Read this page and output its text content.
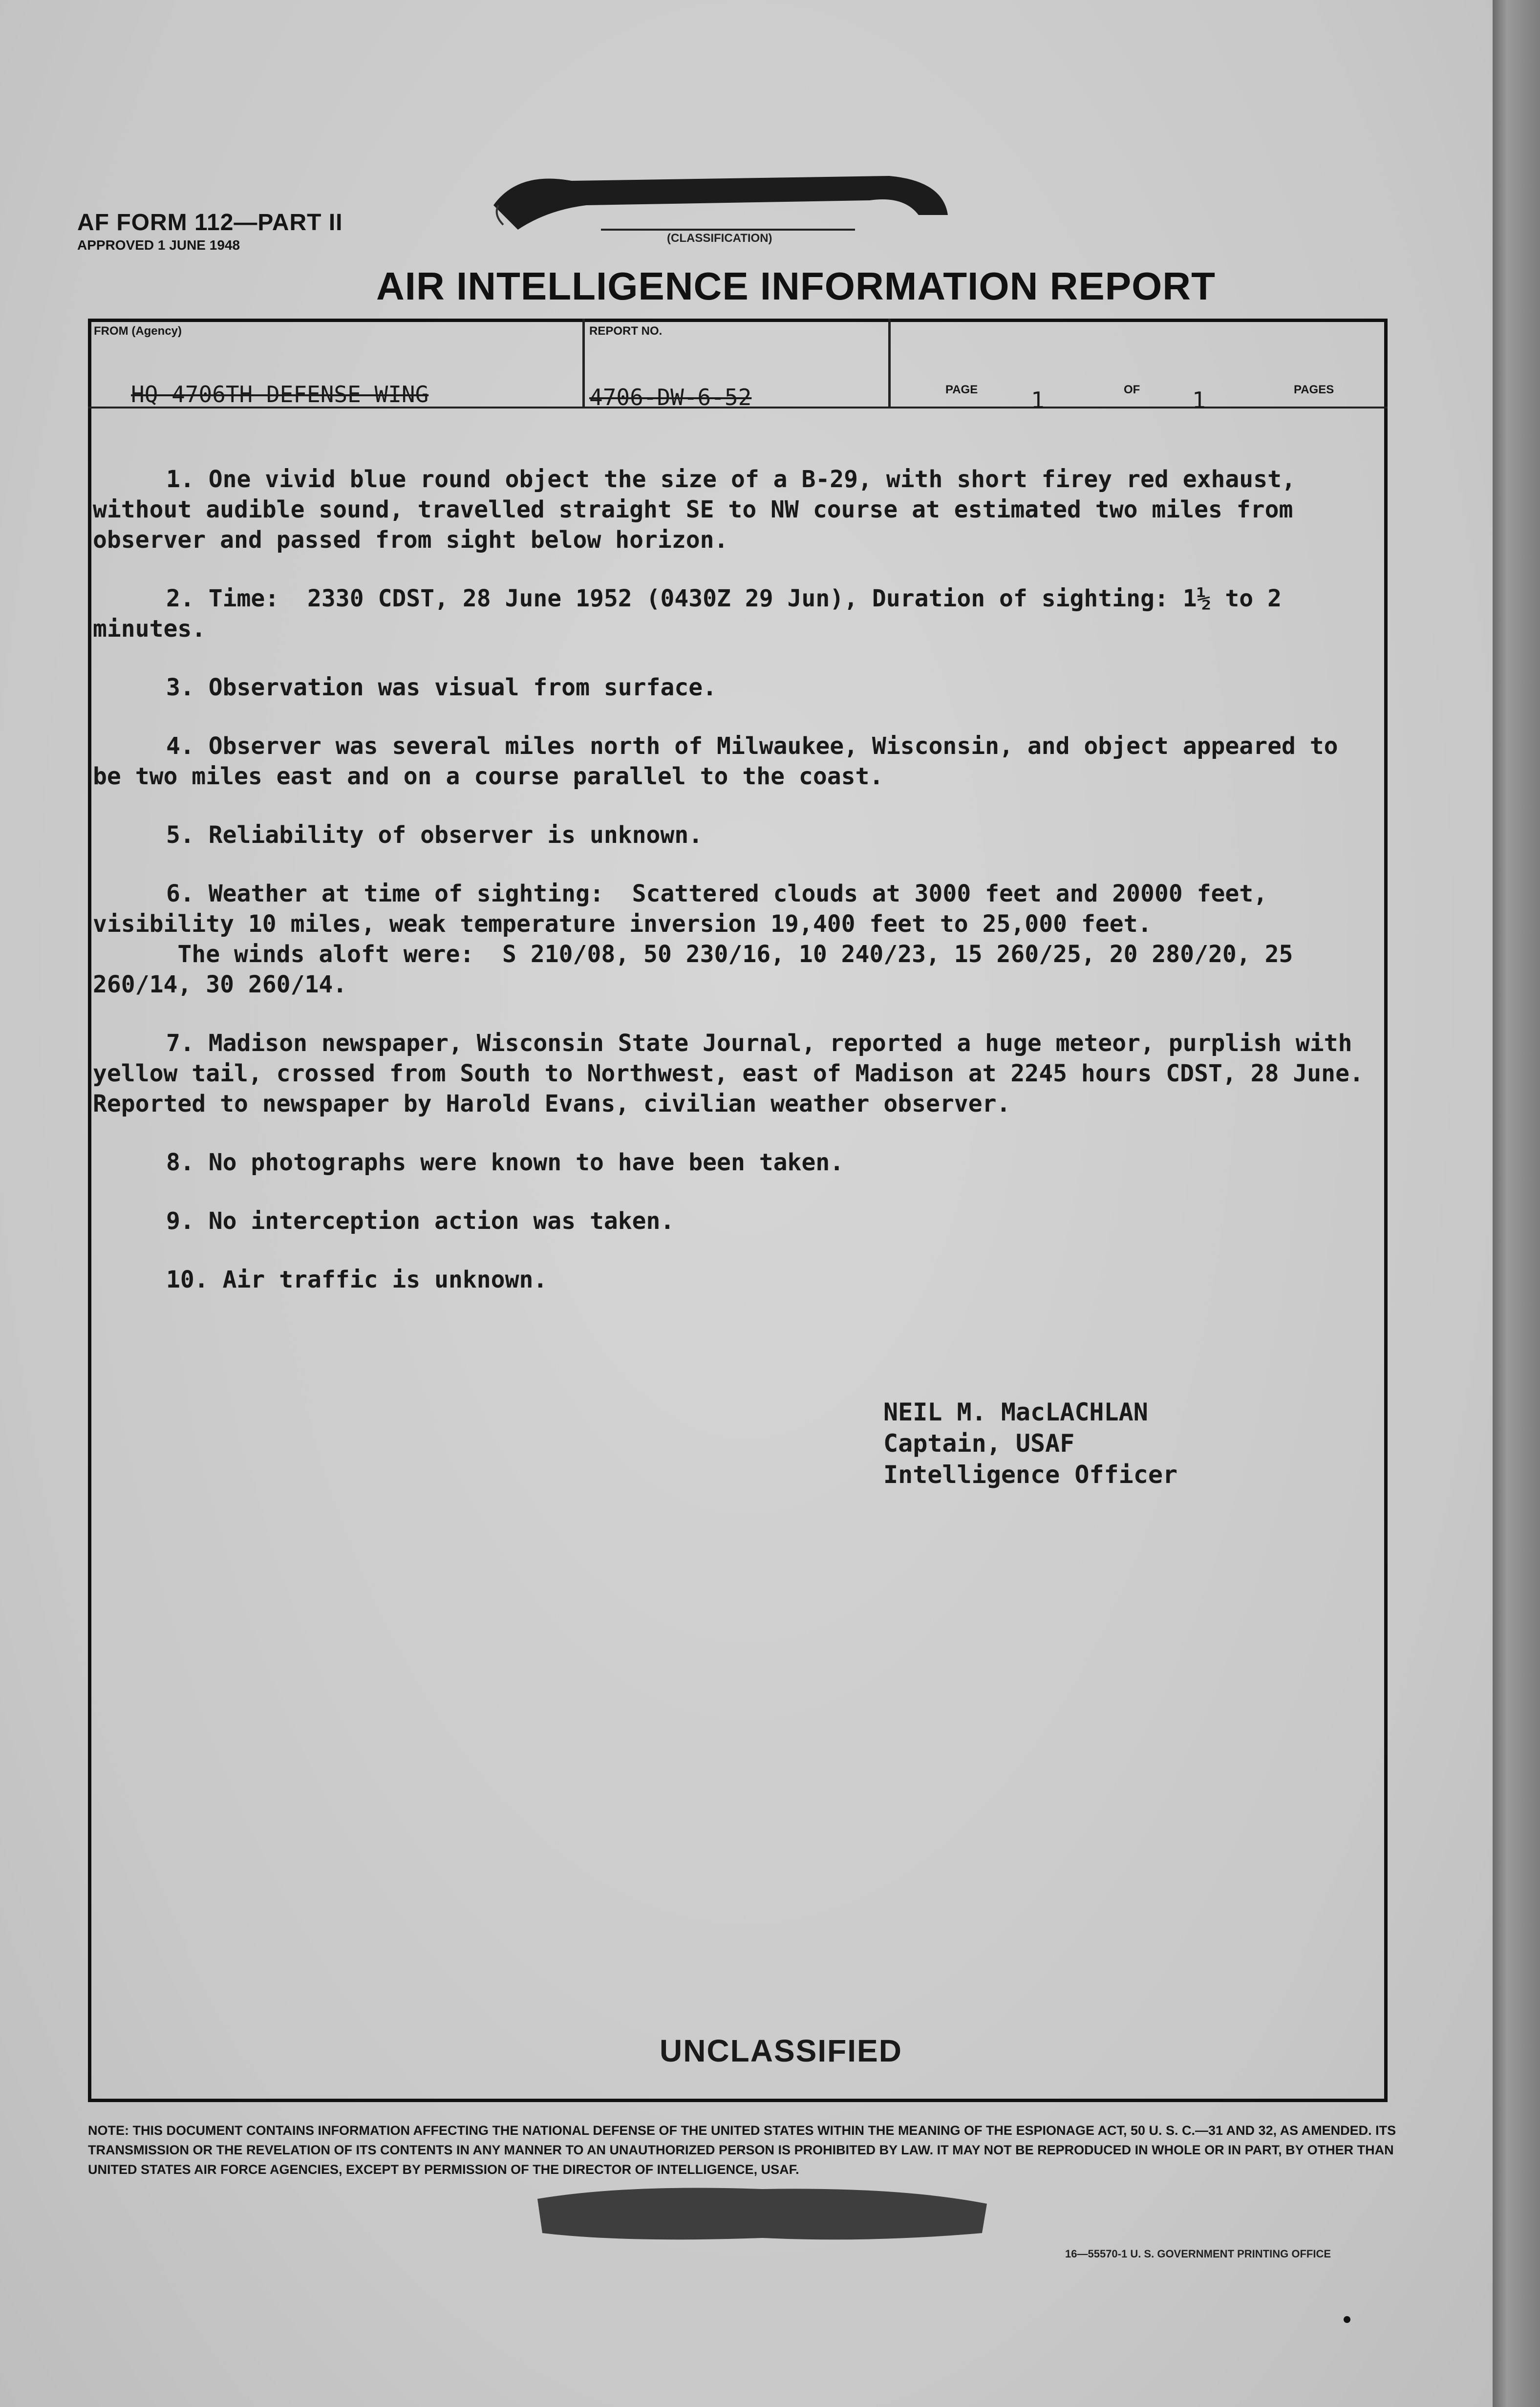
AF FORM 112—PART II
APPROVED 1 JUNE 1948	(CLASSIFICATION)
AIR INTELLIGENCE INFORMATION REPORT
FROM (Agency)
HQ 4706TH DEFENSE WING
REPORT NO.
4706-DW-6-52	PAGE 1	OF 1	PAGES

1. One vivid blue round object the size of a B-29, with short firey red exhaust, without audible sound, travelled straight SE to NW course at estimated two miles from observer and passed from sight below horizon.

2. Time:  2330 CDST, 28 June 1952 (0430Z 29 Jun), Duration of sighting: 1½ to 2 minutes.

3. Observation was visual from surface.

4. Observer was several miles north of Milwaukee, Wisconsin, and object appeared to be two miles east and on a course parallel to the coast.

5. Reliability of observer is unknown.

6. Weather at time of sighting:  Scattered clouds at 3000 feet and 20000 feet, visibility 10 miles, weak temperature inversion 19,400 feet to 25,000 feet.
The winds aloft were:  S 210/08, 50 230/16, 10 240/23, 15 260/25, 20 280/20, 25 260/14, 30 260/14.

7. Madison newspaper, Wisconsin State Journal, reported a huge meteor, purplish with yellow tail, crossed from South to Northwest, east of Madison at 2245 hours CDST, 28 June.  Reported to newspaper by Harold Evans, civilian weather observer.

8. No photographs were known to have been taken.

9. No interception action was taken.

10. Air traffic is unknown.

NEIL M. MacLACHLAN
Captain, USAF
Intelligence Officer
UNCLASSIFIED
NOTE: THIS DOCUMENT CONTAINS INFORMATION AFFECTING THE NATIONAL DEFENSE OF THE UNITED STATES WITHIN THE MEANING OF THE ESPIONAGE ACT, 50 U. S. C.—31 AND 32, AS AMENDED. ITS TRANSMISSION OR THE REVELATION OF ITS CONTENTS IN ANY MANNER TO AN UNAUTHORIZED PERSON IS PROHIBITED BY LAW. IT MAY NOT BE REPRODUCED IN WHOLE OR IN PART, BY OTHER THAN UNITED STATES AIR FORCE AGENCIES, EXCEPT BY PERMISSION OF THE DIRECTOR OF INTELLIGENCE, USAF.
16—55570-1 U. S. GOVERNMENT PRINTING OFFICE
